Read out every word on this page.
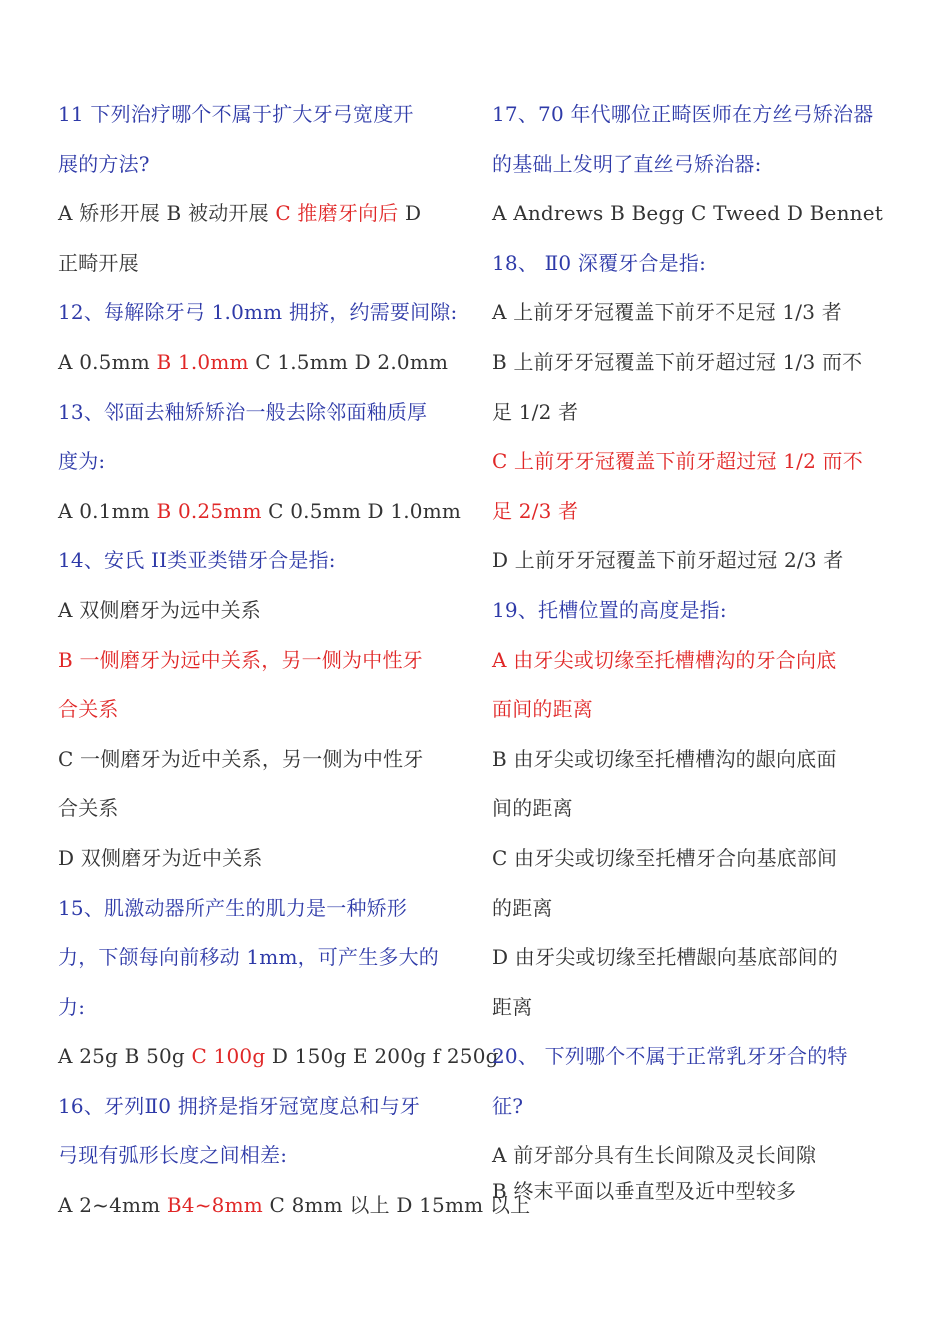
11 下列治疗哪个不属于扩大牙弓宽度开
展的方法?
A 矫形开展 B 被动开展 C 推磨牙向后 D
正畸开展
12、每解除牙弓 1.0mm 拥挤，约需要间隙:
A 0.5mm B 1.0mm C 1.5mm D 2.0mm
13、邻面去釉矫矫治一般去除邻面釉质厚
度为:
A 0.1mm B 0.25mm C 0.5mm D 1.0mm
14、安氏 II类亚类错牙合是指:
A 双侧磨牙为远中关系
B 一侧磨牙为远中关系，另一侧为中性牙
合关系
C 一侧磨牙为近中关系，另一侧为中性牙
合关系
D 双侧磨牙为近中关系
15、肌激动器所产生的肌力是一种矫形
力，下颌每向前移动 1mm，可产生多大的
力:
A 25g B 50g C 100g D 150g E 200g f 250g
16、牙列Ⅱ0 拥挤是指牙冠宽度总和与牙
弓现有弧形长度之间相差:
A 2~4mm B4~8mm C 8mm 以上 D 15mm 以上
17、70 年代哪位正畸医师在方丝弓矫治器
的基础上发明了直丝弓矫治器:
A Andrews B Begg C Tweed D Bennet
18、 Ⅱ0 深覆牙合是指:
A 上前牙牙冠覆盖下前牙不足冠 1/3 者
B 上前牙牙冠覆盖下前牙超过冠 1/3 而不
足 1/2 者
C 上前牙牙冠覆盖下前牙超过冠 1/2 而不
足 2/3 者
D 上前牙牙冠覆盖下前牙超过冠 2/3 者
19、托槽位置的高度是指:
A 由牙尖或切缘至托槽槽沟的牙合向底
面间的距离
B 由牙尖或切缘至托槽槽沟的龈向底面
间的距离
C 由牙尖或切缘至托槽牙合向基底部间
的距离
D 由牙尖或切缘至托槽龈向基底部间的
距离
20、 下列哪个不属于正常乳牙牙合的特
征?
A 前牙部分具有生长间隙及灵长间隙
B 终末平面以垂直型及近中型较多
